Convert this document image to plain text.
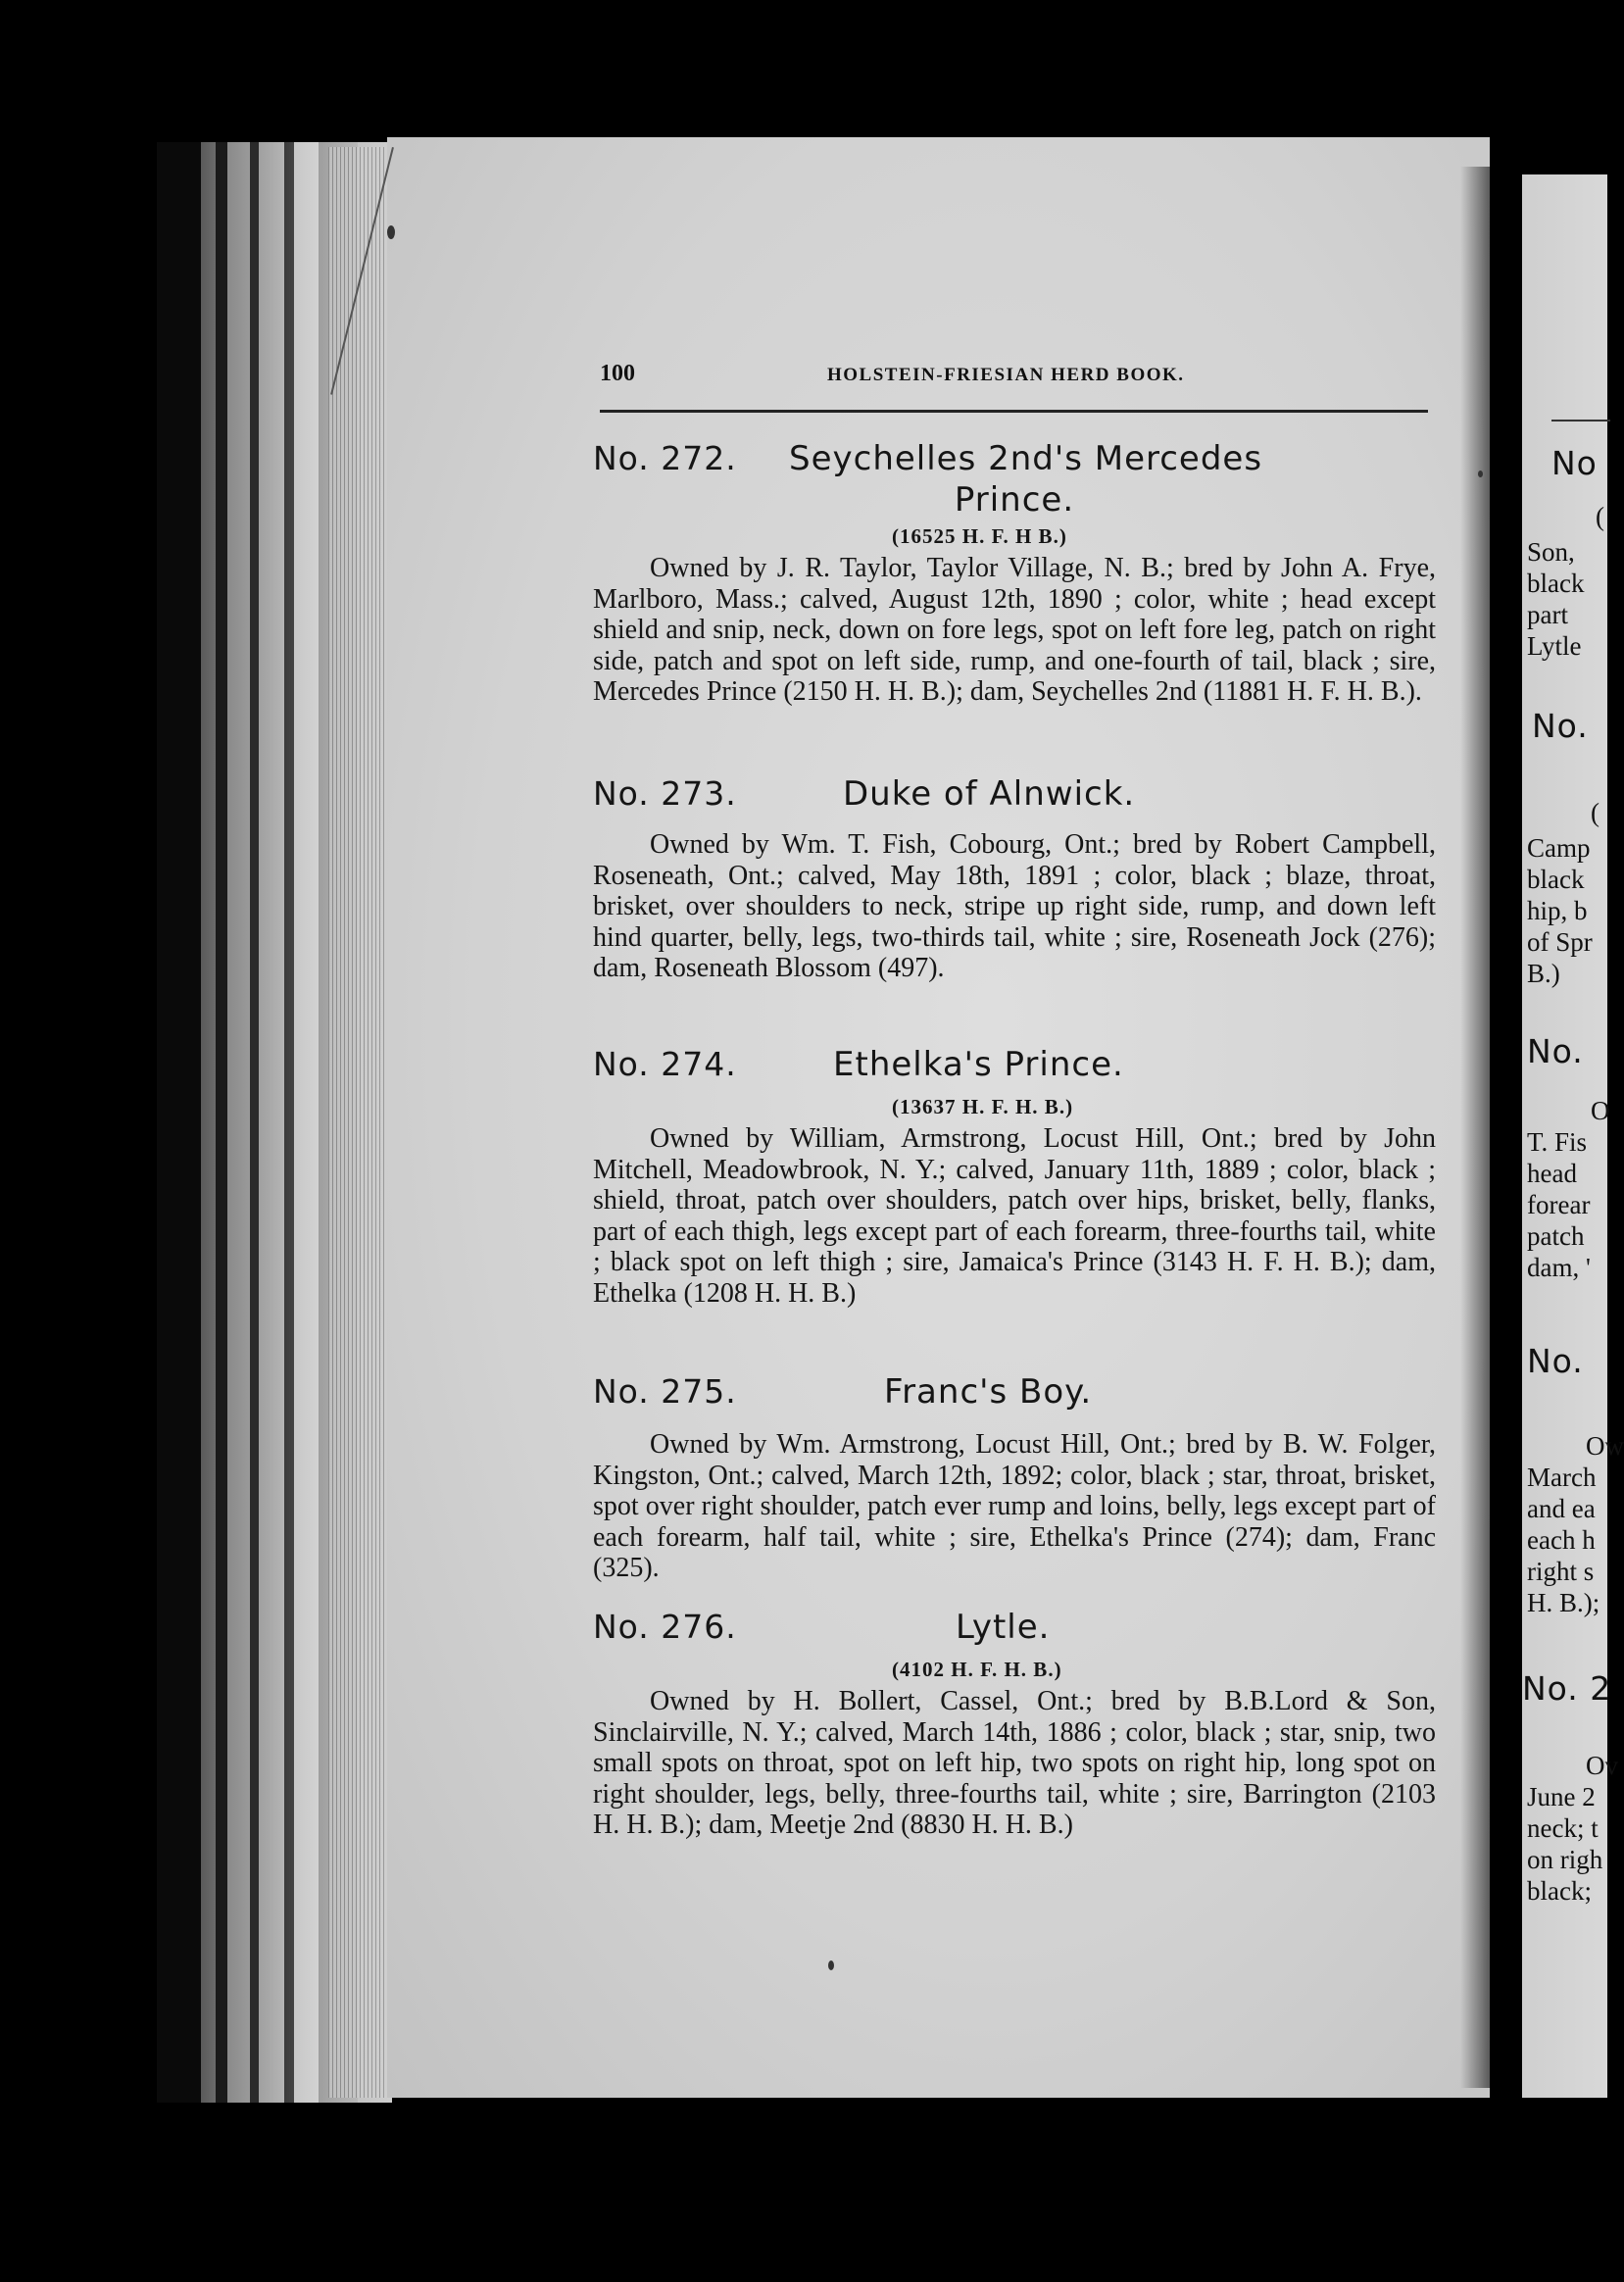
100	HOLSTEIN-FRIESIAN HERD BOOK.
No. 272. Seychelles 2nd's Mercedes
Prince.
(16525 H. F. H B.)
Owned by J. R. Taylor, Taylor Village, N. B.; bred by John A. Frye, Marlboro, Mass.; calved, August 12th, 1890 ; color, white ; head except shield and snip, neck, down on fore legs, spot on left fore leg, patch on right side, patch and spot on left side, rump, and one-fourth of tail, black ; sire, Mercedes Prince (2150 H. H. B.); dam, Seychelles 2nd (11881 H. F. H. B.).
No. 273.	Duke of Alnwick.
Owned by Wm. T. Fish, Cobourg, Ont.; bred by Robert Campbell, Roseneath, Ont.; calved, May 18th, 1891 ; color, black ; blaze, throat, brisket, over shoulders to neck, stripe up right side, rump, and down left hind quarter, belly, legs, two-thirds tail, white ; sire, Roseneath Jock (276); dam, Roseneath Blossom (497).
No. 274.	Ethelka's Prince.
(13637 H. F. H. B.)
Owned by William, Armstrong, Locust Hill, Ont.; bred by John Mitchell, Meadowbrook, N. Y.; calved, January 11th, 1889 ; color, black ; shield, throat, patch over shoulders, patch over hips, brisket, belly, flanks, part of each thigh, legs except part of each forearm, three-fourths tail, white ; black spot on left thigh ; sire, Jamaica's Prince (3143 H. F. H. B.); dam, Ethelka (1208 H. H. B.)
No. 275.	Franc's Boy.
Owned by Wm. Armstrong, Locust Hill, Ont.; bred by B. W. Folger, Kingston, Ont.; calved, March 12th, 1892; color, black ; star, throat, brisket, spot over right shoulder, patch ever rump and loins, belly, legs except part of each forearm, half tail, white ; sire, Ethelka's Prince (274); dam, Franc (325).
No. 276.	Lytle.
(4102 H. F. H. B.)
Owned by H. Bollert, Cassel, Ont.; bred by B.B.Lord & Son, Sinclairville, N. Y.; calved, March 14th, 1886 ; color, black ; star, snip, two small spots on throat, spot on left hip, two spots on right hip, long spot on right shoulder, legs, belly, three-fourths tail, white ; sire, Barrington (2103 H. H. B.); dam, Meetje 2nd (8830 H. H. B.)
No
(
Son,
black
part
Lytle
No.
(
Camp
black
hip, b
of Spr
B.)
No.
O
T. Fis
head
forear
patch
dam, '
No.
Ow
March
and ea
each h
right s
H. B.);
No. 2
Ov
June 2
neck; t
on righ
black;
